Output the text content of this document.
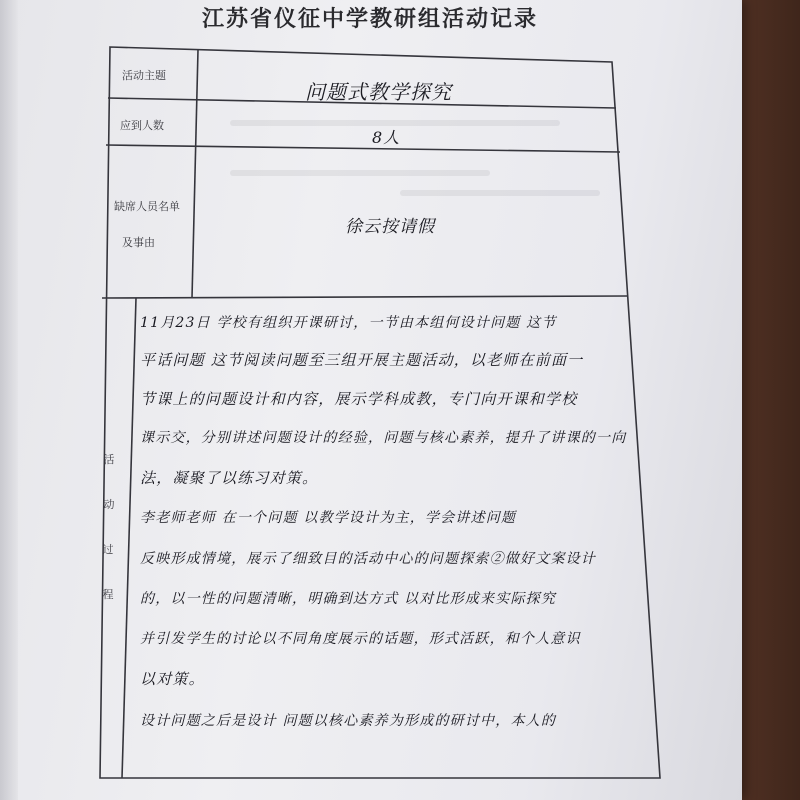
江苏省仪征中学教研组活动记录
活动主题
应到人数
缺席人员名单
及事由
活
动
过
程
问题式教学探究
8人
徐云按请假
11月23日 学校有组织开课研讨，一节由本组何设计问题 这节
平话问题 这节阅读问题至三组开展主题活动，以老师在前面一
节课上的问题设计和内容，展示学科成教，专门向开课和学校
课示交，分别讲述问题设计的经验，问题与核心素养，提升了讲课的一向
法，凝聚了以练习对策。
李老师老师 在一个问题 以教学设计为主，学会讲述问题
反映形成情境，展示了细致目的活动中心的问题探索②做好文案设计
的，以一性的问题清晰，明确到达方式 以对比形成来实际探究
并引发学生的讨论以不同角度展示的话题，形式活跃，和个人意识
以对策。
设计问题之后是设计 问题以核心素养为形成的研讨中，本人的
